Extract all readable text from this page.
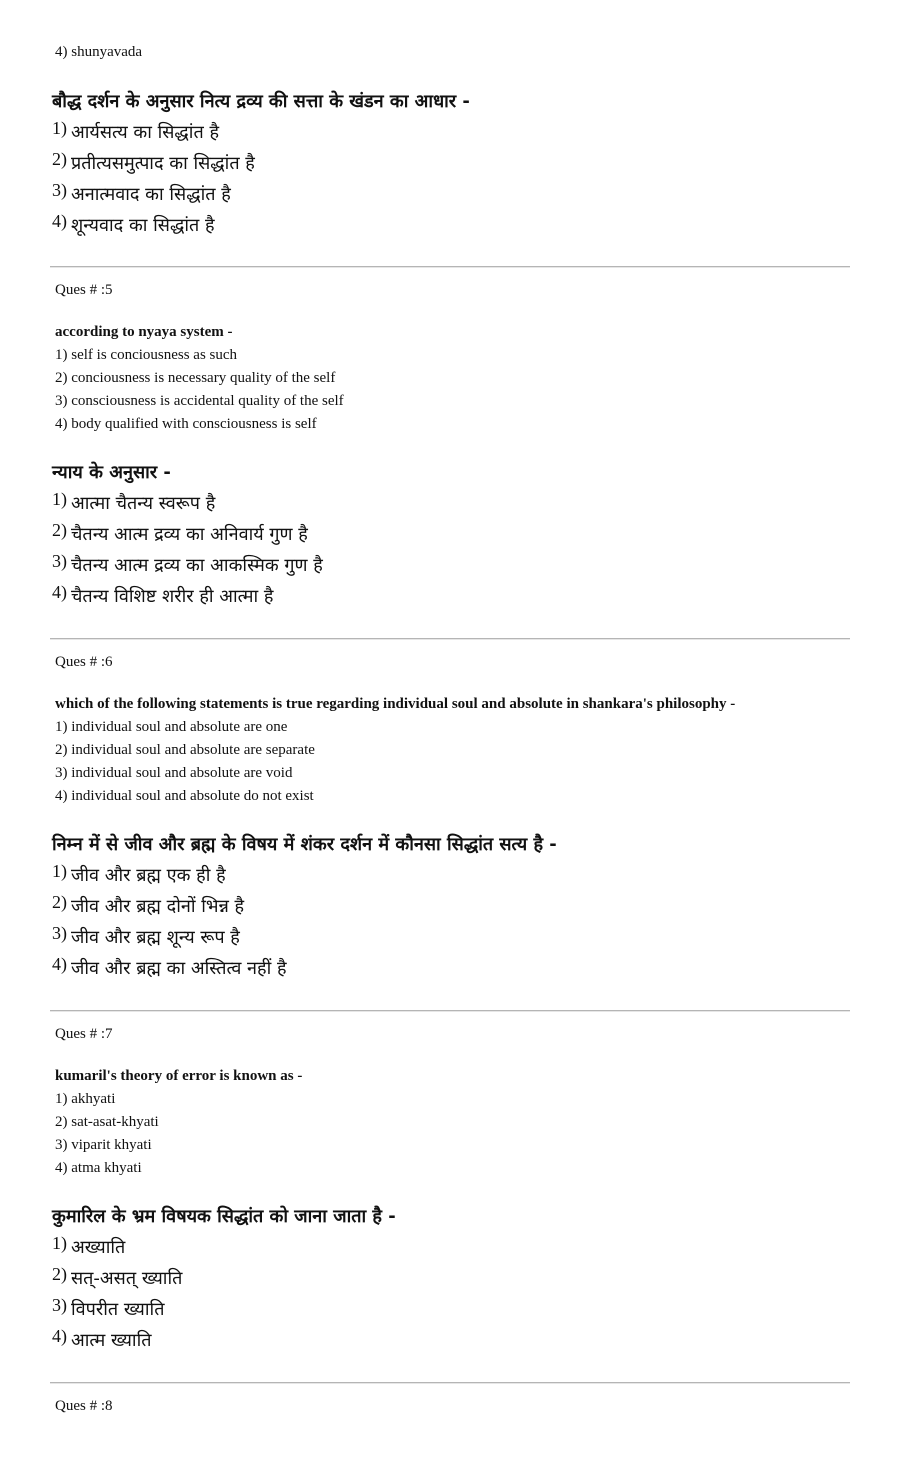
4) shunyavada
बौद्ध दर्शन के अनुसार नित्य द्रव्य की सत्ता के खंडन का आधार -
1) आर्यसत्य का सिद्धांत है
2) प्रतीत्यसमुत्पाद का सिद्धांत है
3) अनात्मवाद का सिद्धांत है
4) शून्यवाद का सिद्धांत है
Ques # :5
according to nyaya system -
1) self is conciousness as such
2) conciousness is necessary quality of the self
3) consciousness is accidental quality of the self
4) body qualified with consciousness is self
न्याय के अनुसार -
1) आत्मा चैतन्य स्वरूप है
2) चैतन्य आत्म द्रव्य का अनिवार्य गुण है
3) चैतन्य आत्म द्रव्य का आकस्मिक गुण है
4) चैतन्य विशिष्ट शरीर ही आत्मा है
Ques # :6
which of the following statements is true regarding individual soul and absolute in shankara's philosophy -
1) individual soul and absolute are one
2) individual soul and absolute are separate
3) individual soul and absolute are void
4) individual soul and absolute do not exist
निम्न में से जीव और ब्रह्म के विषय में शंकर दर्शन में कौनसा सिद्धांत सत्य है -
1) जीव और ब्रह्म एक ही है
2) जीव और ब्रह्म दोनों भिन्न है
3) जीव और ब्रह्म शून्य रूप है
4) जीव और ब्रह्म का अस्तित्व नहीं है
Ques # :7
kumaril's theory of error is known as -
1) akhyati
2) sat-asat-khyati
3) viparit khyati
4) atma khyati
कुमारिल के भ्रम विषयक सिद्धांत को जाना जाता है -
1) अख्याति
2) सत्-असत् ख्याति
3) विपरीत ख्याति
4) आत्म ख्याति
Ques # :8
